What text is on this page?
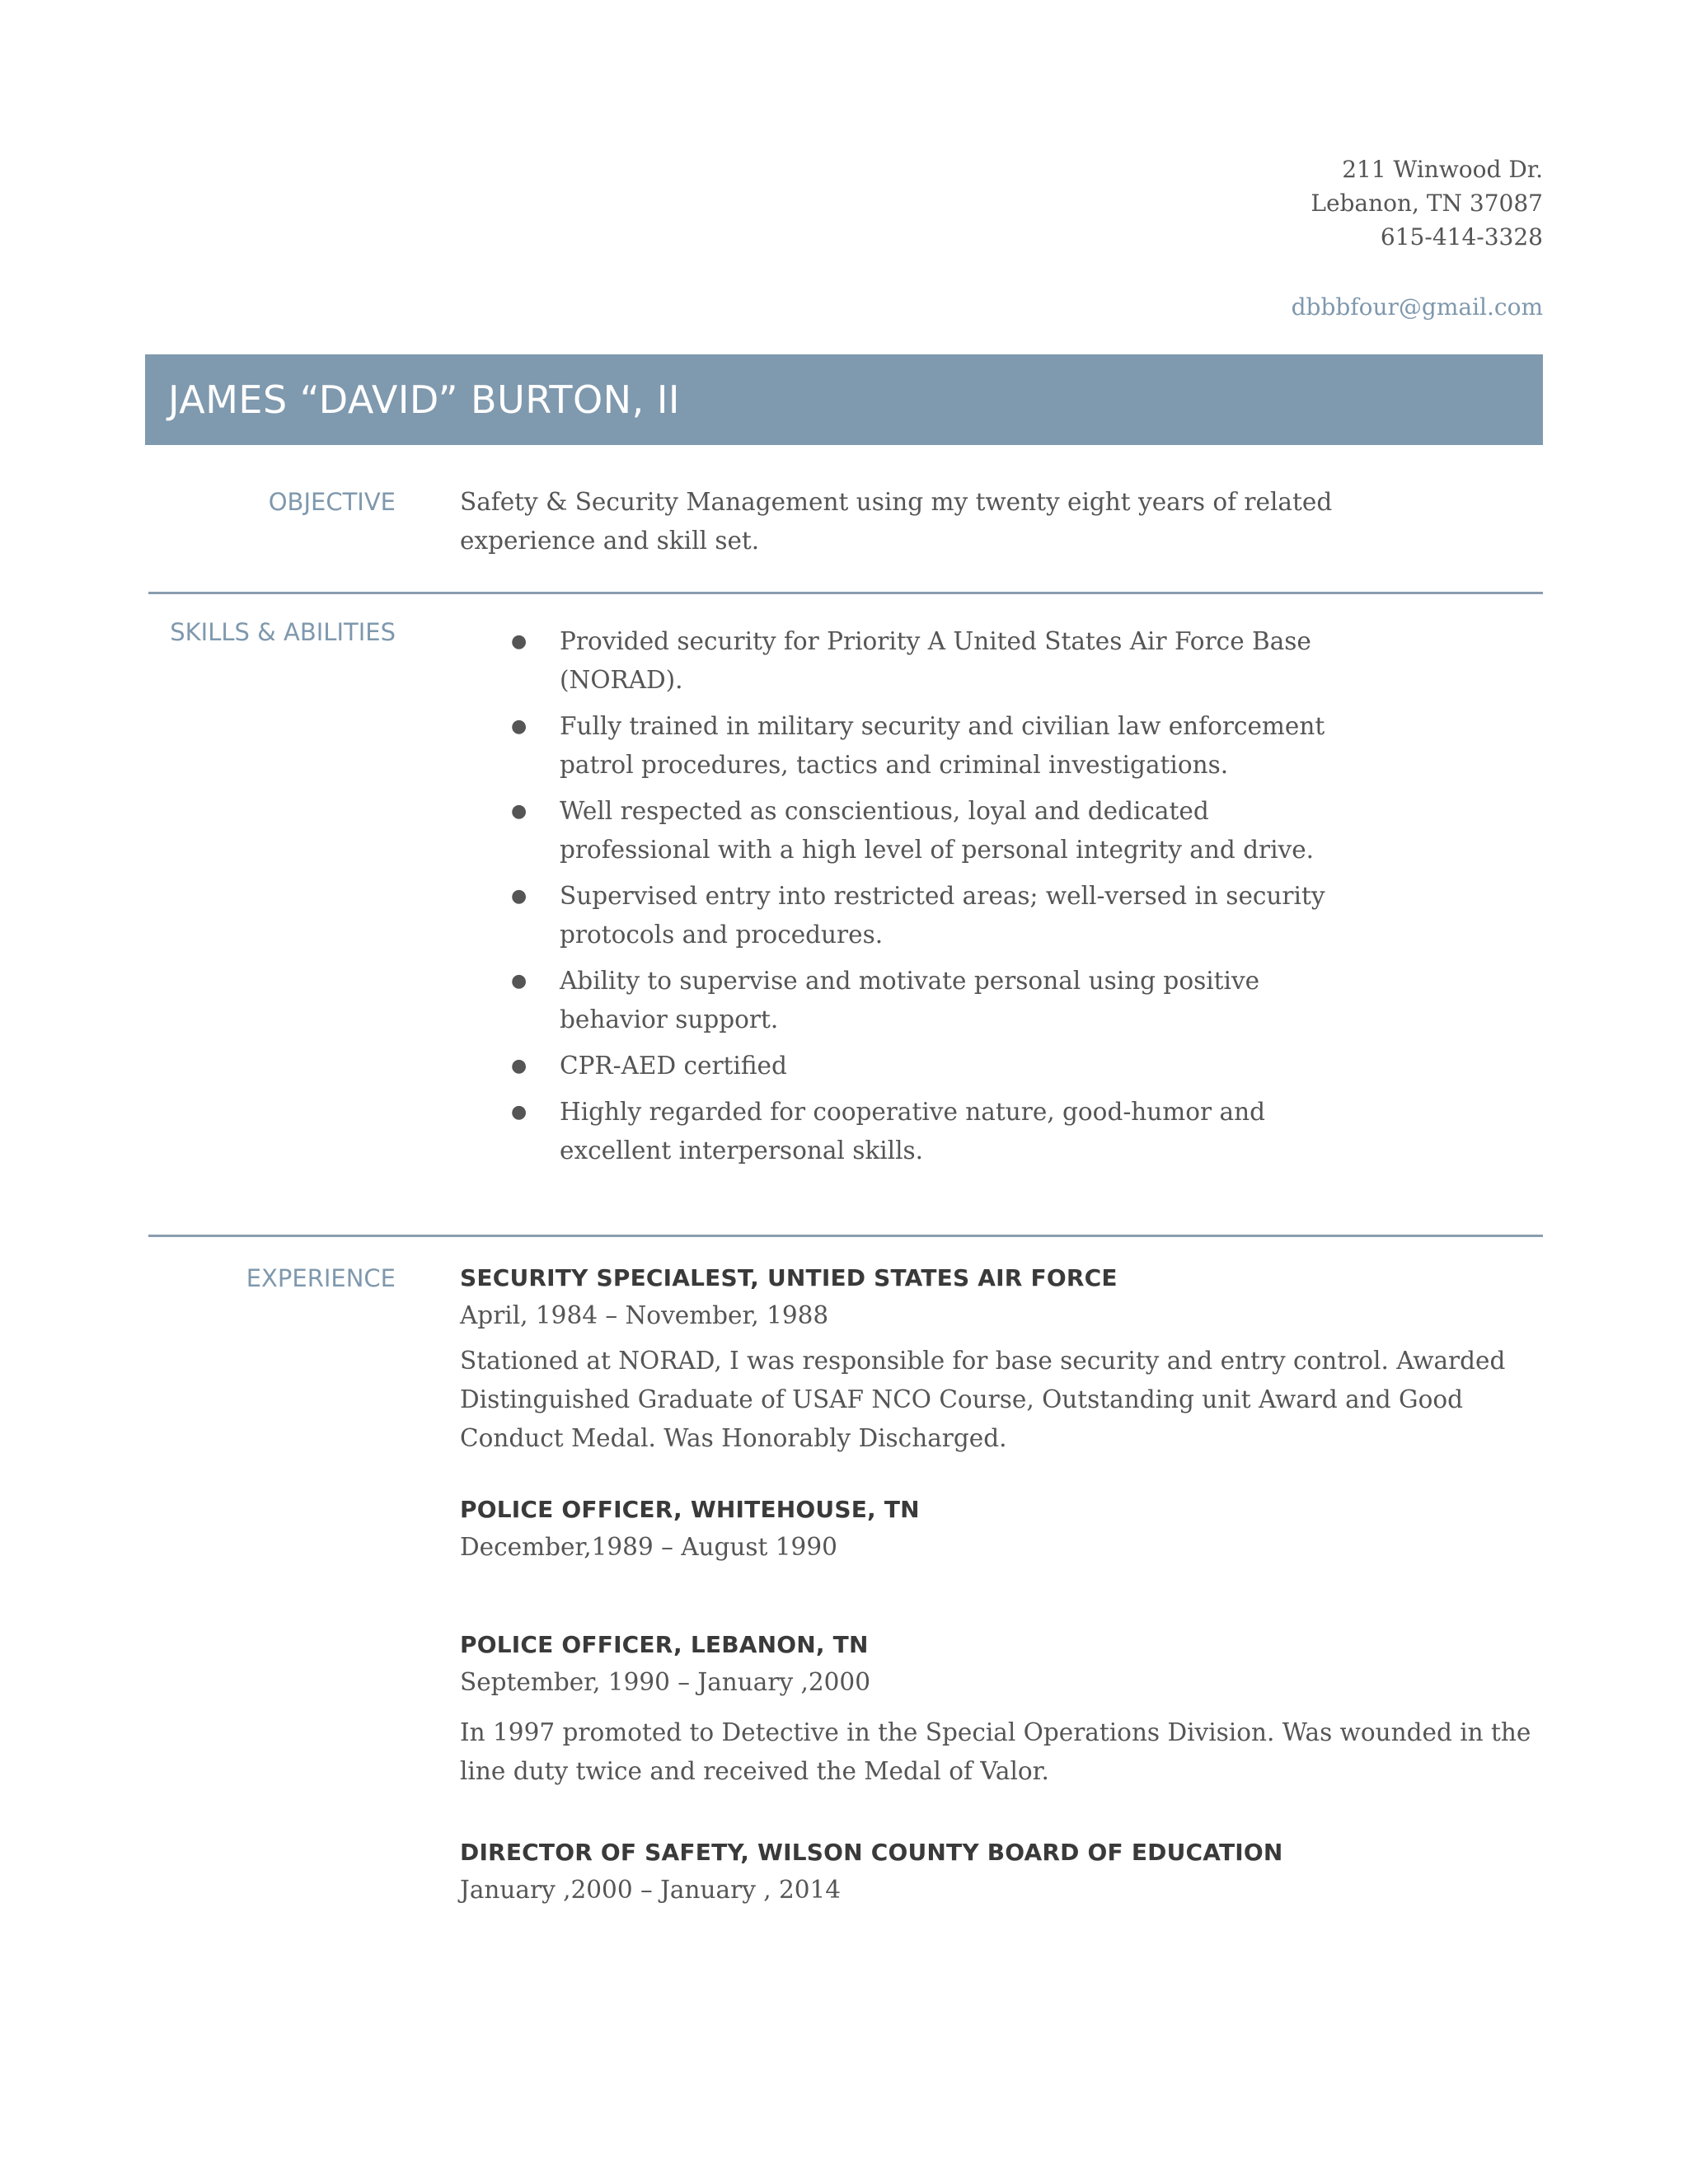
211 Winwood Dr.
Lebanon, TN 37087
615-414-3328
dbbbfour@gmail.com
JAMES “DAVID” BURTON, II
OBJECTIVE	Safety & Security Management using my twenty eight years of related
experience and skill set.
SKILLS & ABILITIES	● Provided security for Priority A United States Air Force Base (NORAD).
● Fully trained in military security and civilian law enforcement patrol procedures, tactics and criminal investigations.
● Well respected as conscientious, loyal and dedicated professional with a high level of personal integrity and drive.
● Supervised entry into restricted areas; well-versed in security protocols and procedures.
● Ability to supervise and motivate personal using positive behavior support.
● CPR-AED certified
● Highly regarded for cooperative nature, good-humor and excellent interpersonal skills.
EXPERIENCE	SECURITY SPECIALEST, UNTIED STATES AIR FORCE
April, 1984 – November, 1988
Stationed at NORAD, I was responsible for base security and entry control. Awarded Distinguished Graduate of USAF NCO Course, Outstanding unit Award and Good Conduct Medal. Was Honorably Discharged.
POLICE OFFICER, WHITEHOUSE, TN
December,1989 – August 1990
POLICE OFFICER, LEBANON, TN
September, 1990 – January ,2000
In 1997 promoted to Detective in the Special Operations Division. Was wounded in the line duty twice and received the Medal of Valor.
DIRECTOR OF SAFETY, WILSON COUNTY BOARD OF EDUCATION
January ,2000 – January , 2014
